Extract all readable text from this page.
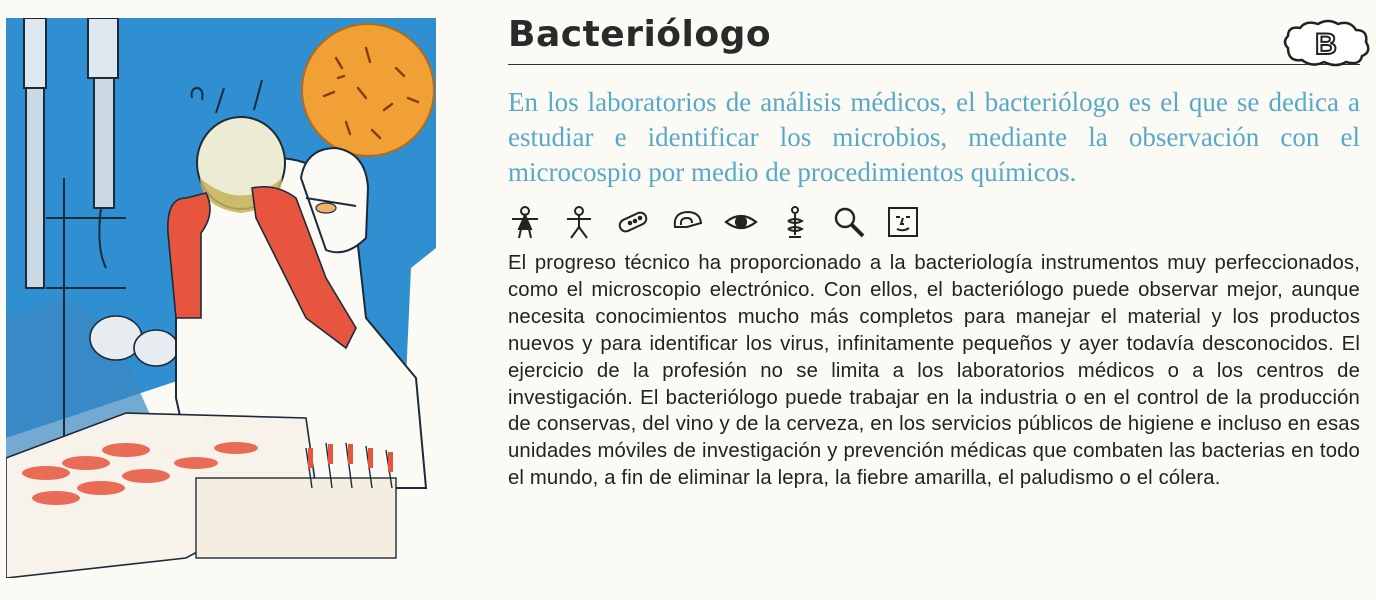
Bacteriólogo

En los laboratorios de análisis médicos, el bacteriólogo es el que se dedica a estudiar e identificar los microbios, mediante la observación con el microcospio por medio de procedimientos químicos.

El progreso técnico ha proporcionado a la bacteriología instrumentos muy perfeccionados, como el microscopio electrónico. Con ellos, el bacteriólogo puede observar mejor, aunque necesita conocimientos mucho más completos para manejar el material y los productos nuevos y para identificar los virus, infinitamente pequeños y ayer todavía desconocidos. El ejercicio de la profesión no se limita a los laboratorios médicos o a los centros de investigación. El bacteriólogo puede trabajar en la industria o en el control de la producción de conservas, del vino y de la cerveza, en los servicios públicos de higiene e incluso en esas unidades móviles de investigación y prevención médicas que combaten las bacterias en todo el mundo, a fin de eliminar la lepra, la fiebre amarilla, el paludismo o el cólera.

B
